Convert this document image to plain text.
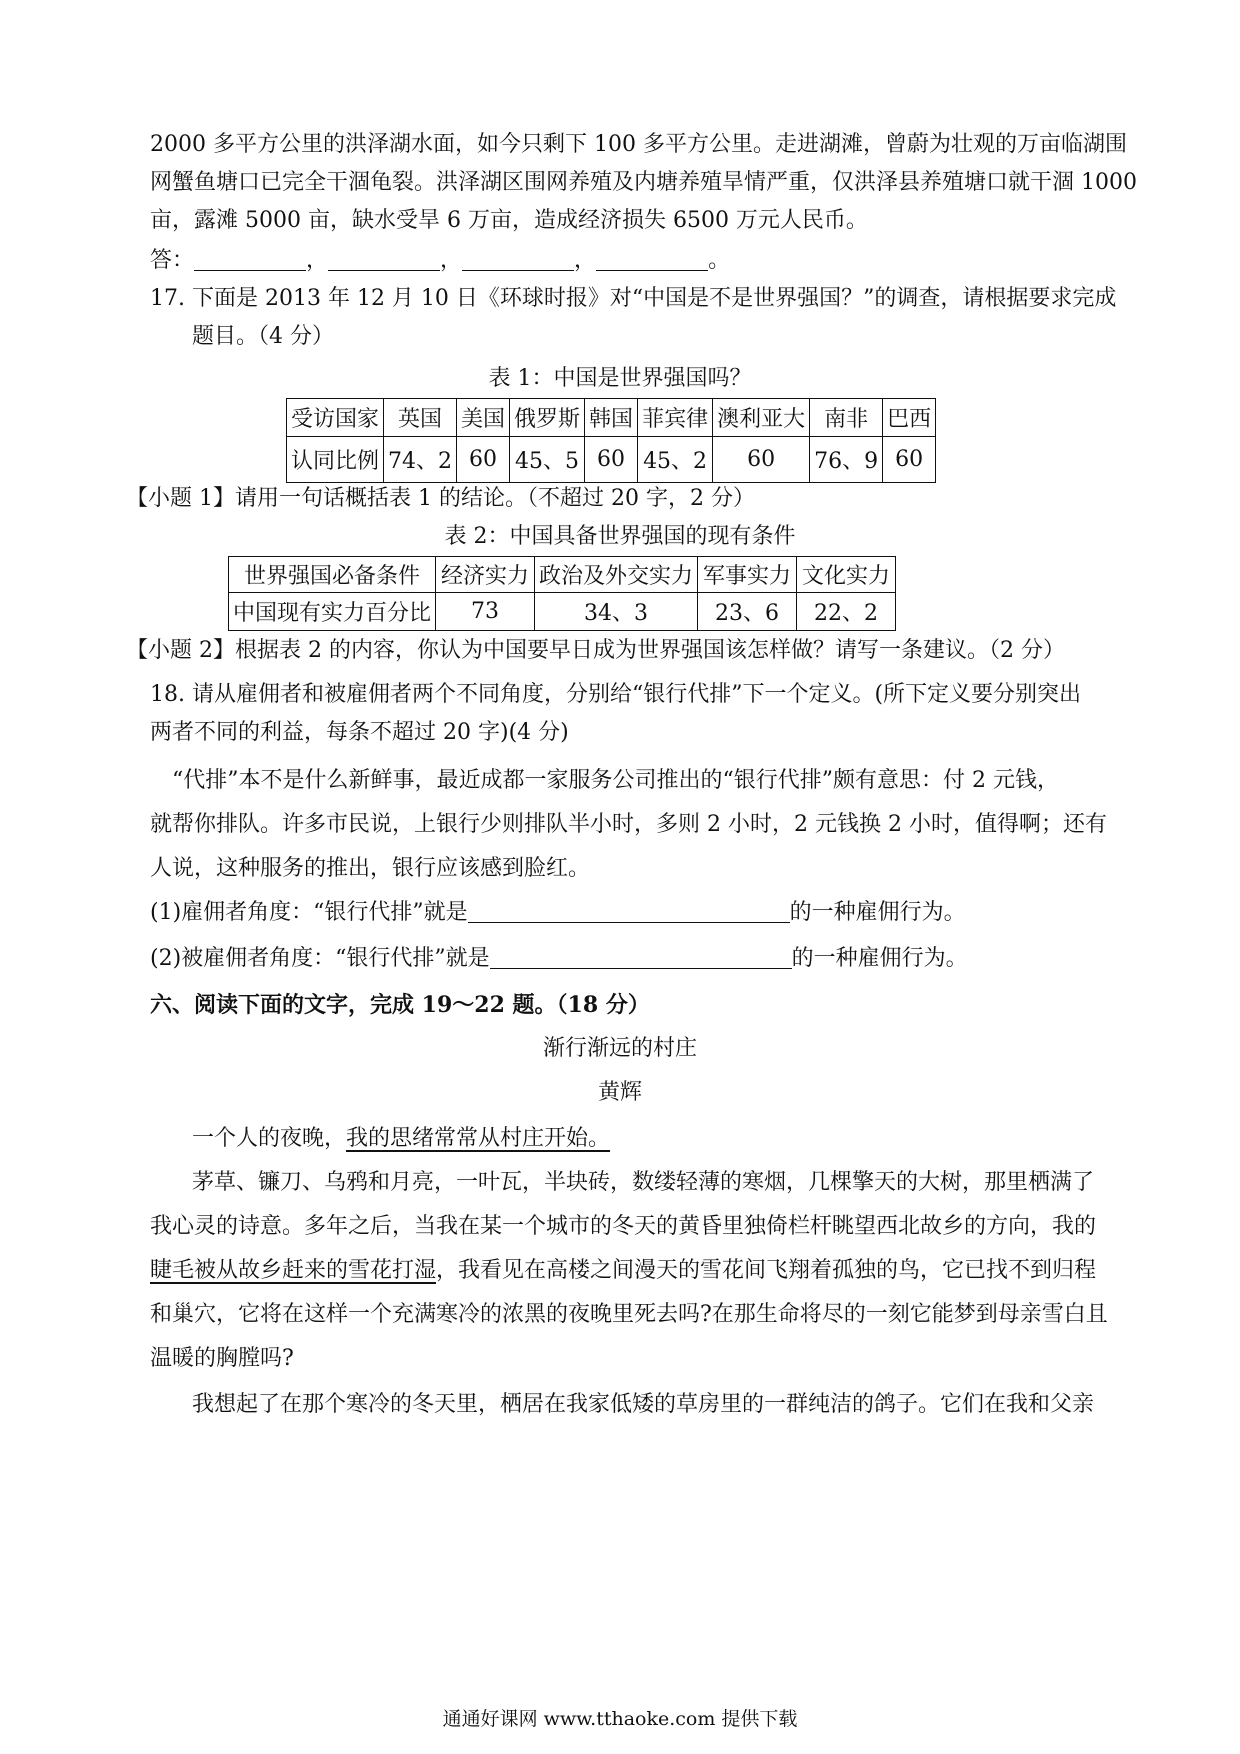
2000 多平方公里的洪泽湖水面，如今只剩下 100 多平方公里。走进湖滩，曾蔚为壮观的万亩临湖围
网蟹鱼塘口已完全干涸龟裂。洪泽湖区围网养殖及内塘养殖旱情严重，仅洪泽县养殖塘口就干涸 1000
亩，露滩 5000 亩，缺水受旱 6 万亩，造成经济损失 6500 万元人民币。
答：	，	，	，	。
17. 下面是 2013 年 12 月 10 日《环球时报》对“中国是不是世界强国？”的调查，请根据要求完成
题目。（4 分）
表 1：中国是世界强国吗？
受访国家	英国	美国	俄罗斯	韩国	菲宾律	澳利亚大	南非	巴西
认同比例	74、2	60	45、5	60	45、2	60	76、9	60
【小题 1】请用一句话概括表 1 的结论。（不超过 20 字，2 分）
表 2：中国具备世界强国的现有条件
世界强国必备条件	经济实力	政治及外交实力	军事实力	文化实力
中国现有实力百分比	73	34、3	23、6	22、2
【小题 2】根据表 2 的内容，你认为中国要早日成为世界强国该怎样做？请写一条建议。（2 分）
18. 请从雇佣者和被雇佣者两个不同角度，分别给“银行代排”下一个定义。(所下定义要分别突出
两者不同的利益，每条不超过 20 字)(4 分)
“代排”本不是什么新鲜事，最近成都一家服务公司推出的“银行代排”颇有意思：付 2 元钱，
就帮你排队。许多市民说，上银行少则排队半小时，多则 2 小时，2 元钱换 2 小时，值得啊；还有
人说，这种服务的推出，银行应该感到脸红。
(1)雇佣者角度：“银行代排”就是	的一种雇佣行为。
(2)被雇佣者角度：“银行代排”就是	的一种雇佣行为。
六、阅读下面的文字，完成 19～22 题。（18 分）
渐行渐远的村庄
黄辉
一个人的夜晚，我的思绪常常从村庄开始。
茅草、镰刀、乌鸦和月亮，一叶瓦，半块砖，数缕轻薄的寒烟，几棵擎天的大树，那里栖满了
我心灵的诗意。多年之后，当我在某一个城市的冬天的黄昏里独倚栏杆眺望西北故乡的方向，我的
睫毛被从故乡赶来的雪花打湿，我看见在高楼之间漫天的雪花间飞翔着孤独的鸟，它已找不到归程
和巢穴，它将在这样一个充满寒冷的浓黑的夜晚里死去吗?在那生命将尽的一刻它能梦到母亲雪白且
温暖的胸膛吗?
我想起了在那个寒冷的冬天里，栖居在我家低矮的草房里的一群纯洁的鸽子。它们在我和父亲
通通好课网 www.tthaoke.com 提供下载
